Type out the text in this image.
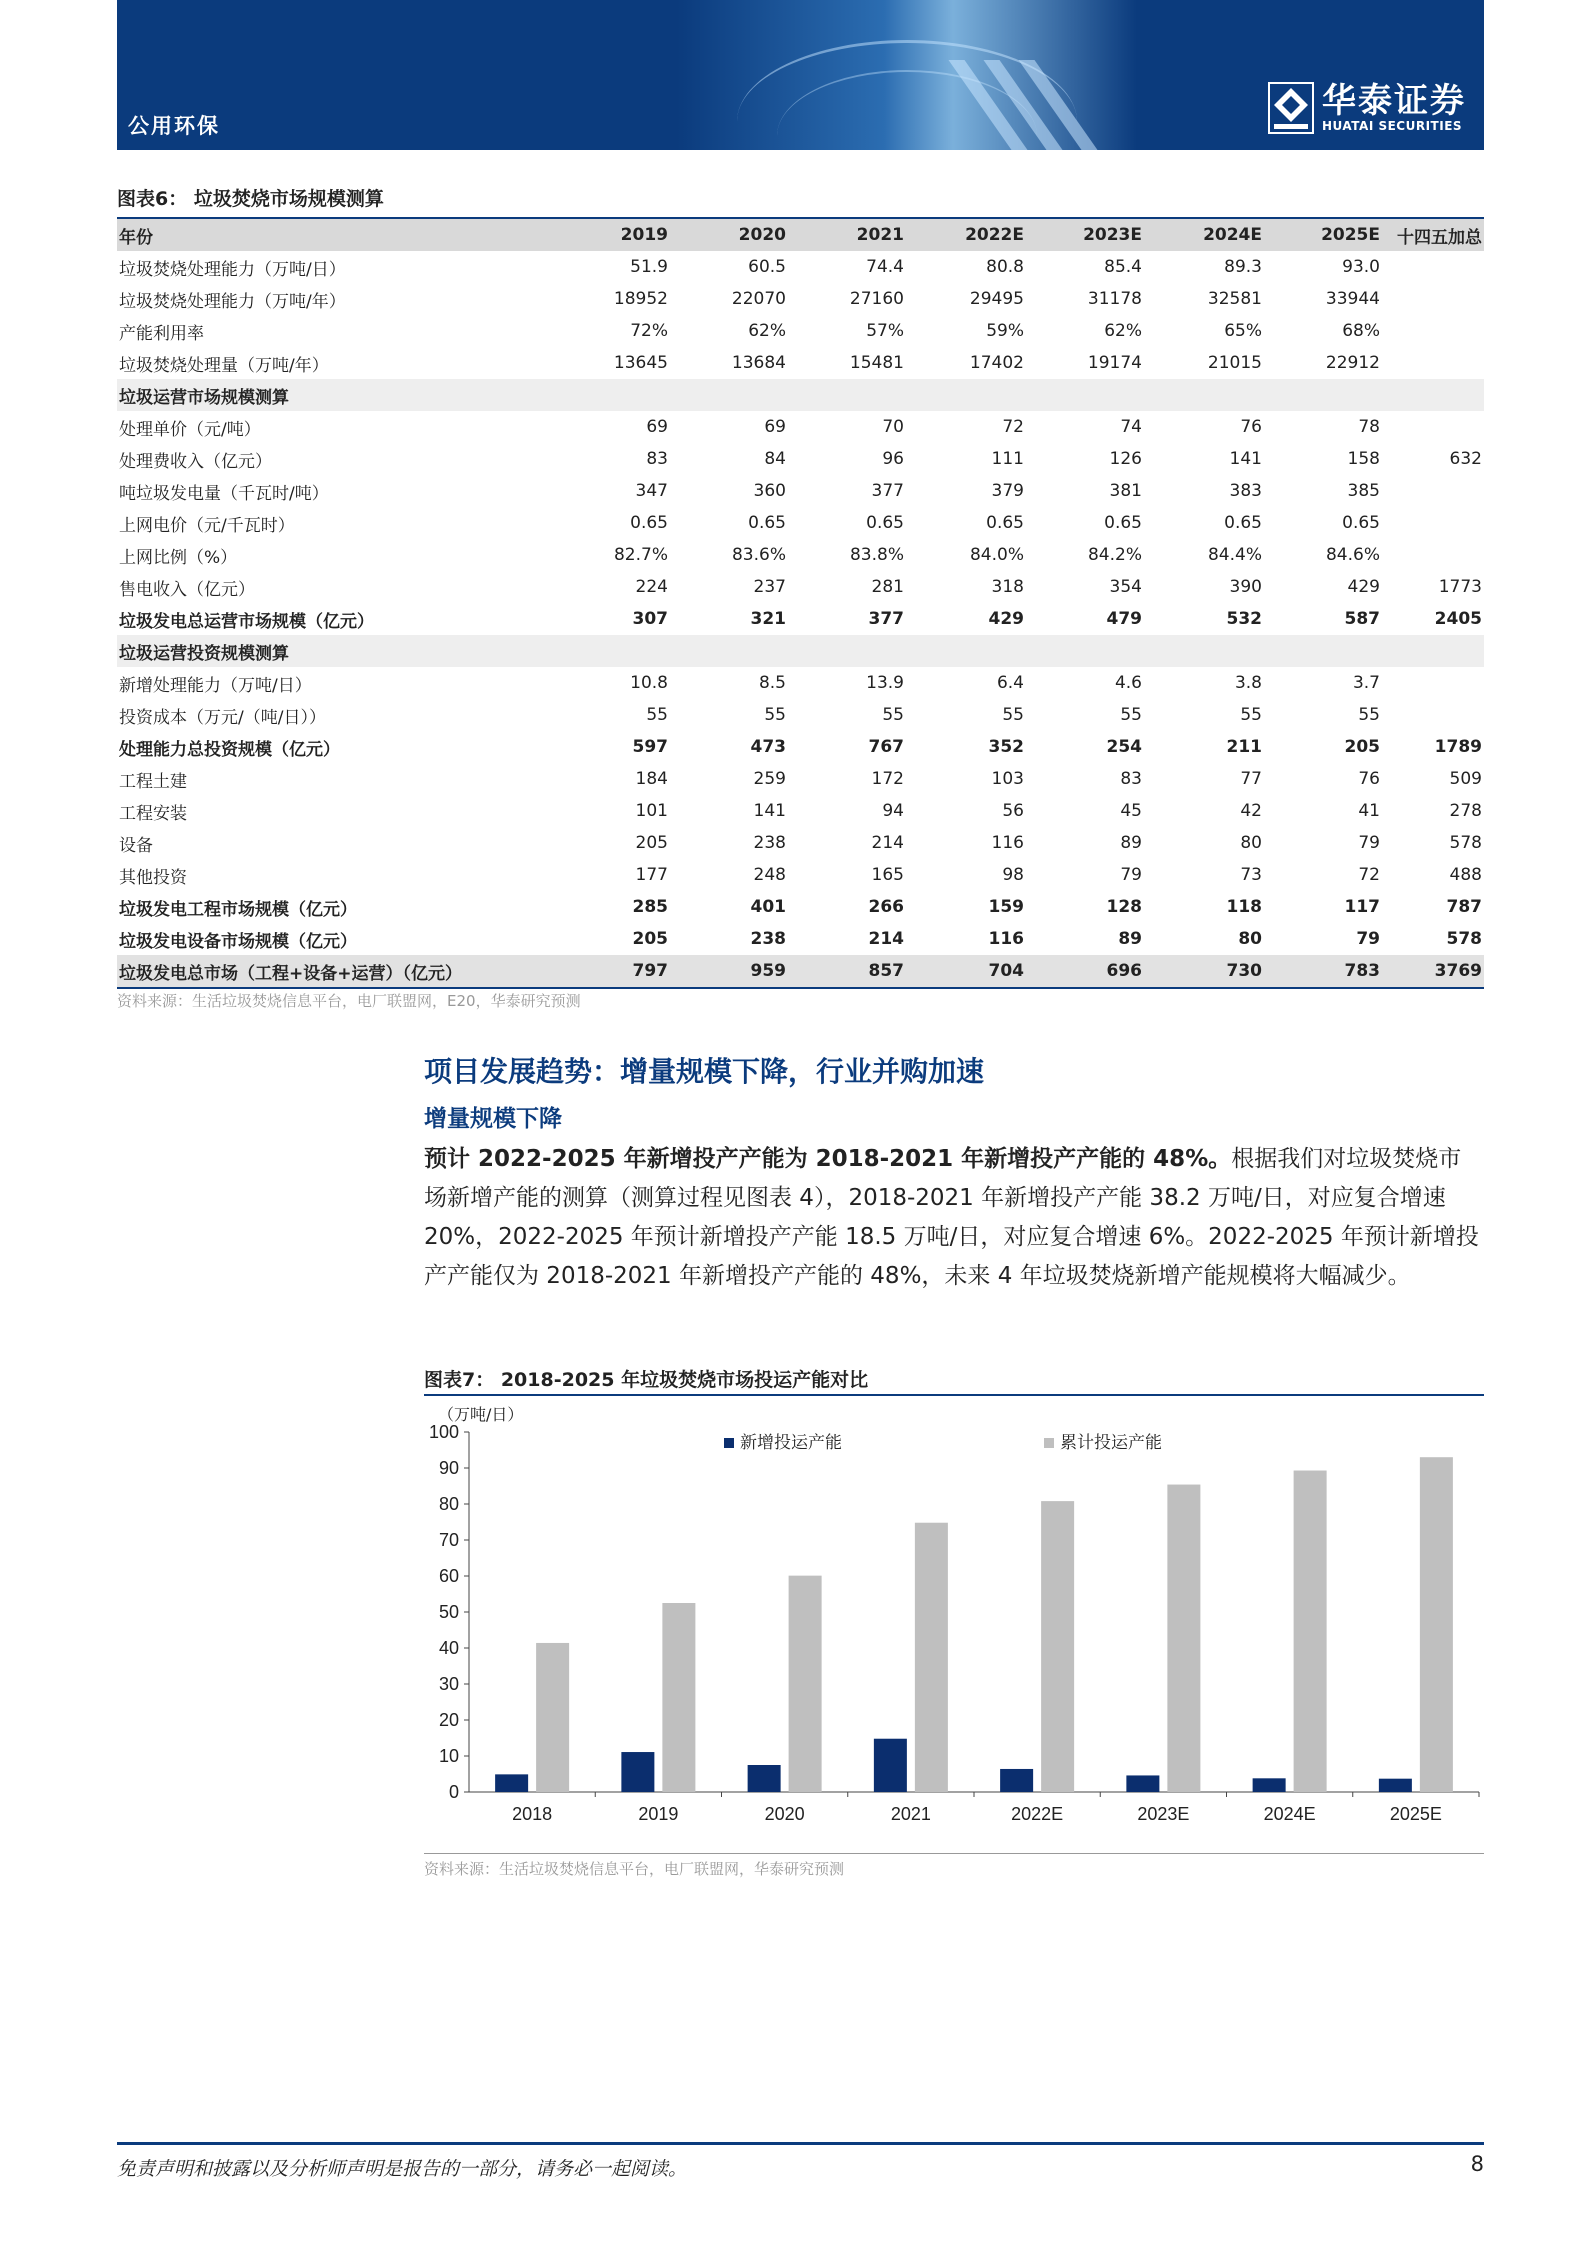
公用环保
华泰证券
HUATAI SECURITIES
图表6： 垃圾焚烧市场规模测算
年份	2019	2020	2021	2022E	2023E	2024E	2025E	十四五加总
垃圾焚烧处理能力（万吨/日）	51.9	60.5	74.4	80.8	85.4	89.3	93.0	
垃圾焚烧处理能力（万吨/年）	18952	22070	27160	29495	31178	32581	33944	
产能利用率	72%	62%	57%	59%	62%	65%	68%	
垃圾焚烧处理量（万吨/年）	13645	13684	15481	17402	19174	21015	22912	
垃圾运营市场规模测算								
处理单价（元/吨）	69	69	70	72	74	76	78	
处理费收入（亿元）	83	84	96	111	126	141	158	632
吨垃圾发电量（千瓦时/吨）	347	360	377	379	381	383	385	
上网电价（元/千瓦时）	0.65	0.65	0.65	0.65	0.65	0.65	0.65	
上网比例（%）	82.7%	83.6%	83.8%	84.0%	84.2%	84.4%	84.6%	
售电收入（亿元）	224	237	281	318	354	390	429	1773
垃圾发电总运营市场规模（亿元）	307	321	377	429	479	532	587	2405
垃圾运营投资规模测算								
新增处理能力（万吨/日）	10.8	8.5	13.9	6.4	4.6	3.8	3.7	
投资成本（万元/（吨/日））	55	55	55	55	55	55	55	
处理能力总投资规模（亿元）	597	473	767	352	254	211	205	1789
工程土建	184	259	172	103	83	77	76	509
工程安装	101	141	94	56	45	42	41	278
设备	205	238	214	116	89	80	79	578
其他投资	177	248	165	98	79	73	72	488
垃圾发电工程市场规模（亿元）	285	401	266	159	128	118	117	787
垃圾发电设备市场规模（亿元）	205	238	214	116	89	80	79	578
垃圾发电总市场（工程+设备+运营）（亿元）	797	959	857	704	696	730	783	3769
资料来源：生活垃圾焚烧信息平台，电厂联盟网，E20，华泰研究预测
项目发展趋势：增量规模下降，行业并购加速
增量规模下降
预计 2022-2025 年新增投产产能为 2018-2021 年新增投产产能的 48%。根据我们对垃圾焚烧市场新增产能的测算（测算过程见图表 4），2018-2021 年新增投产产能 38.2 万吨/日，对应复合增速 20%，2022-2025 年预计新增投产产能 18.5 万吨/日，对应复合增速 6%。2022-2025 年预计新增投产产能仅为 2018-2021 年新增投产产能的 48%，未来 4 年垃圾焚烧新增产能规模将大幅减少。
图表7： 2018-2025 年垃圾焚烧市场投运产能对比
（万吨/日）
0
10
20
30
40
50
60
70
80
90
100
2018	2019	2020	2021	2022E	2023E	2024E	2025E
新增投运产能	累计投运产能
资料来源：生活垃圾焚烧信息平台，电厂联盟网，华泰研究预测
免责声明和披露以及分析师声明是报告的一部分，请务必一起阅读。	8
